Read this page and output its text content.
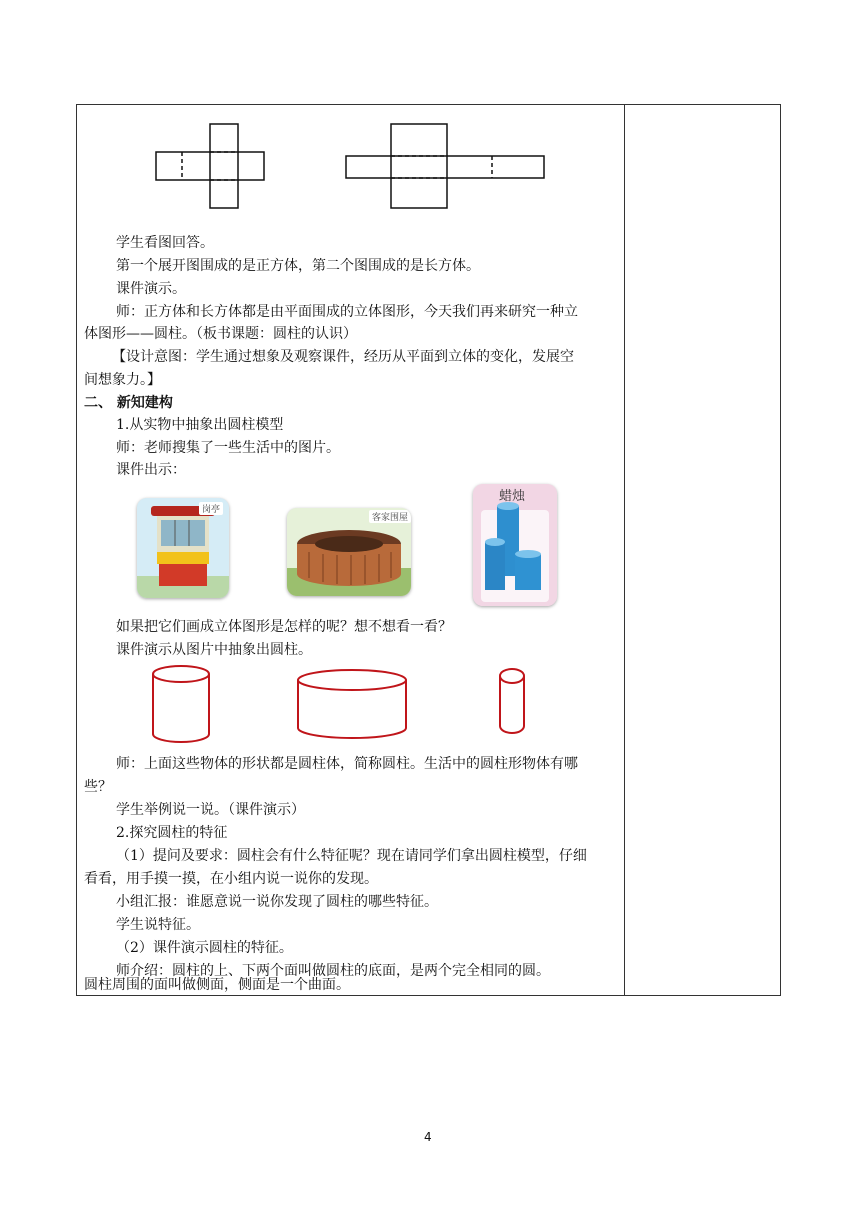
学生看图回答。
第一个展开图围成的是正方体，第二个图围成的是长方体。
课件演示。
师：正方体和长方体都是由平面围成的立体图形，今天我们再来研究一种立
体图形——圆柱。（板书课题：圆柱的认识）
【设计意图：学生通过想象及观察课件，经历从平面到立体的变化，发展空
间想象力。】
二、 新知建构
1.从实物中抽象出圆柱模型
师：老师搜集了一些生活中的图片。
课件出示：
岗亭
客家围屋
蜡烛
如果把它们画成立体图形是怎样的呢？想不想看一看？
课件演示从图片中抽象出圆柱。
师：上面这些物体的形状都是圆柱体，简称圆柱。生活中的圆柱形物体有哪
些？
学生举例说一说。（课件演示）
2.探究圆柱的特征
（1）提问及要求：圆柱会有什么特征呢？现在请同学们拿出圆柱模型，仔细
看看，用手摸一摸，在小组内说一说你的发现。
小组汇报：谁愿意说一说你发现了圆柱的哪些特征。
学生说特征。
（2）课件演示圆柱的特征。
师介绍：圆柱的上、下两个面叫做圆柱的底面，是两个完全相同的圆。
圆柱周围的面叫做侧面，侧面是一个曲面。
4
